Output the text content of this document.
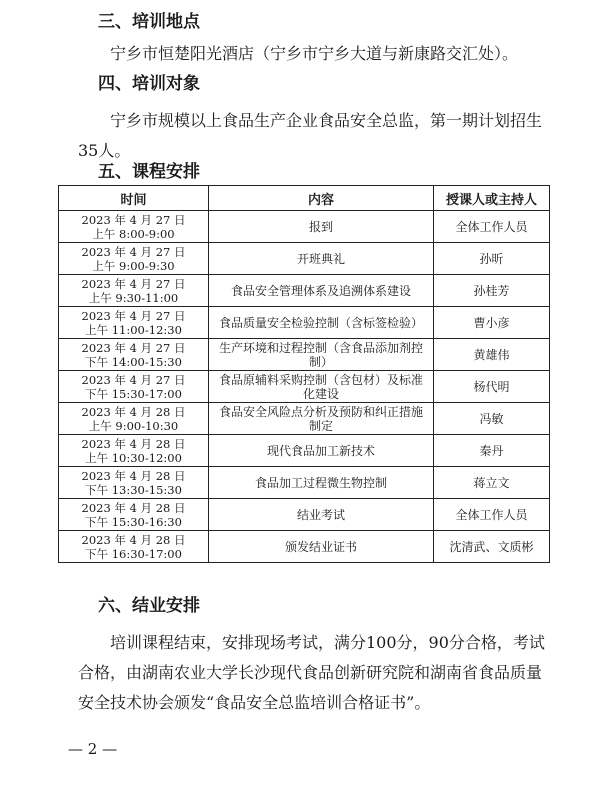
三、培训地点
宁乡市恒楚阳光酒店（宁乡市宁乡大道与新康路交汇处）。
四、培训对象
宁乡市规模以上食品生产企业食品安全总监，第一期计划招生35人。
五、课程安排
时间	内容	授课人或主持人

2023 年 4 月 27 日
上午 8:00-9:00	报到	全体工作人员

2023 年 4 月 27 日
上午 9:00-9:30	开班典礼	孙昕

2023 年 4 月 27 日
上午 9:30-11:00	食品安全管理体系及追溯体系建设	孙桂芳

2023 年 4 月 27 日
上午 11:00-12:30	食品质量安全检验控制（含标签检验）	曹小彦

2023 年 4 月 27 日
下午 14:00-15:30	生产环境和过程控制（含食品添加剂控制）	黄雄伟

2023 年 4 月 27 日
下午 15:30-17:00	食品原辅料采购控制（含包材）及标准化建设	杨代明

2023 年 4 月 28 日
上午 9:00-10:30	食品安全风险点分析及预防和纠正措施制定	冯敏

2023 年 4 月 28 日
上午 10:30-12:00	现代食品加工新技术	秦丹

2023 年 4 月 28 日
下午 13:30-15:30	食品加工过程微生物控制	蒋立文

2023 年 4 月 28 日
下午 15:30-16:30	结业考试	全体工作人员

2023 年 4 月 28 日
下午 16:30-17:00	颁发结业证书	沈清武、文质彬
六、结业安排
培训课程结束，安排现场考试，满分100分，90分合格，考试合格，由湖南农业大学长沙现代食品创新研究院和湖南省食品质量安全技术协会颁发“食品安全总监培训合格证书”。
— 2 —
